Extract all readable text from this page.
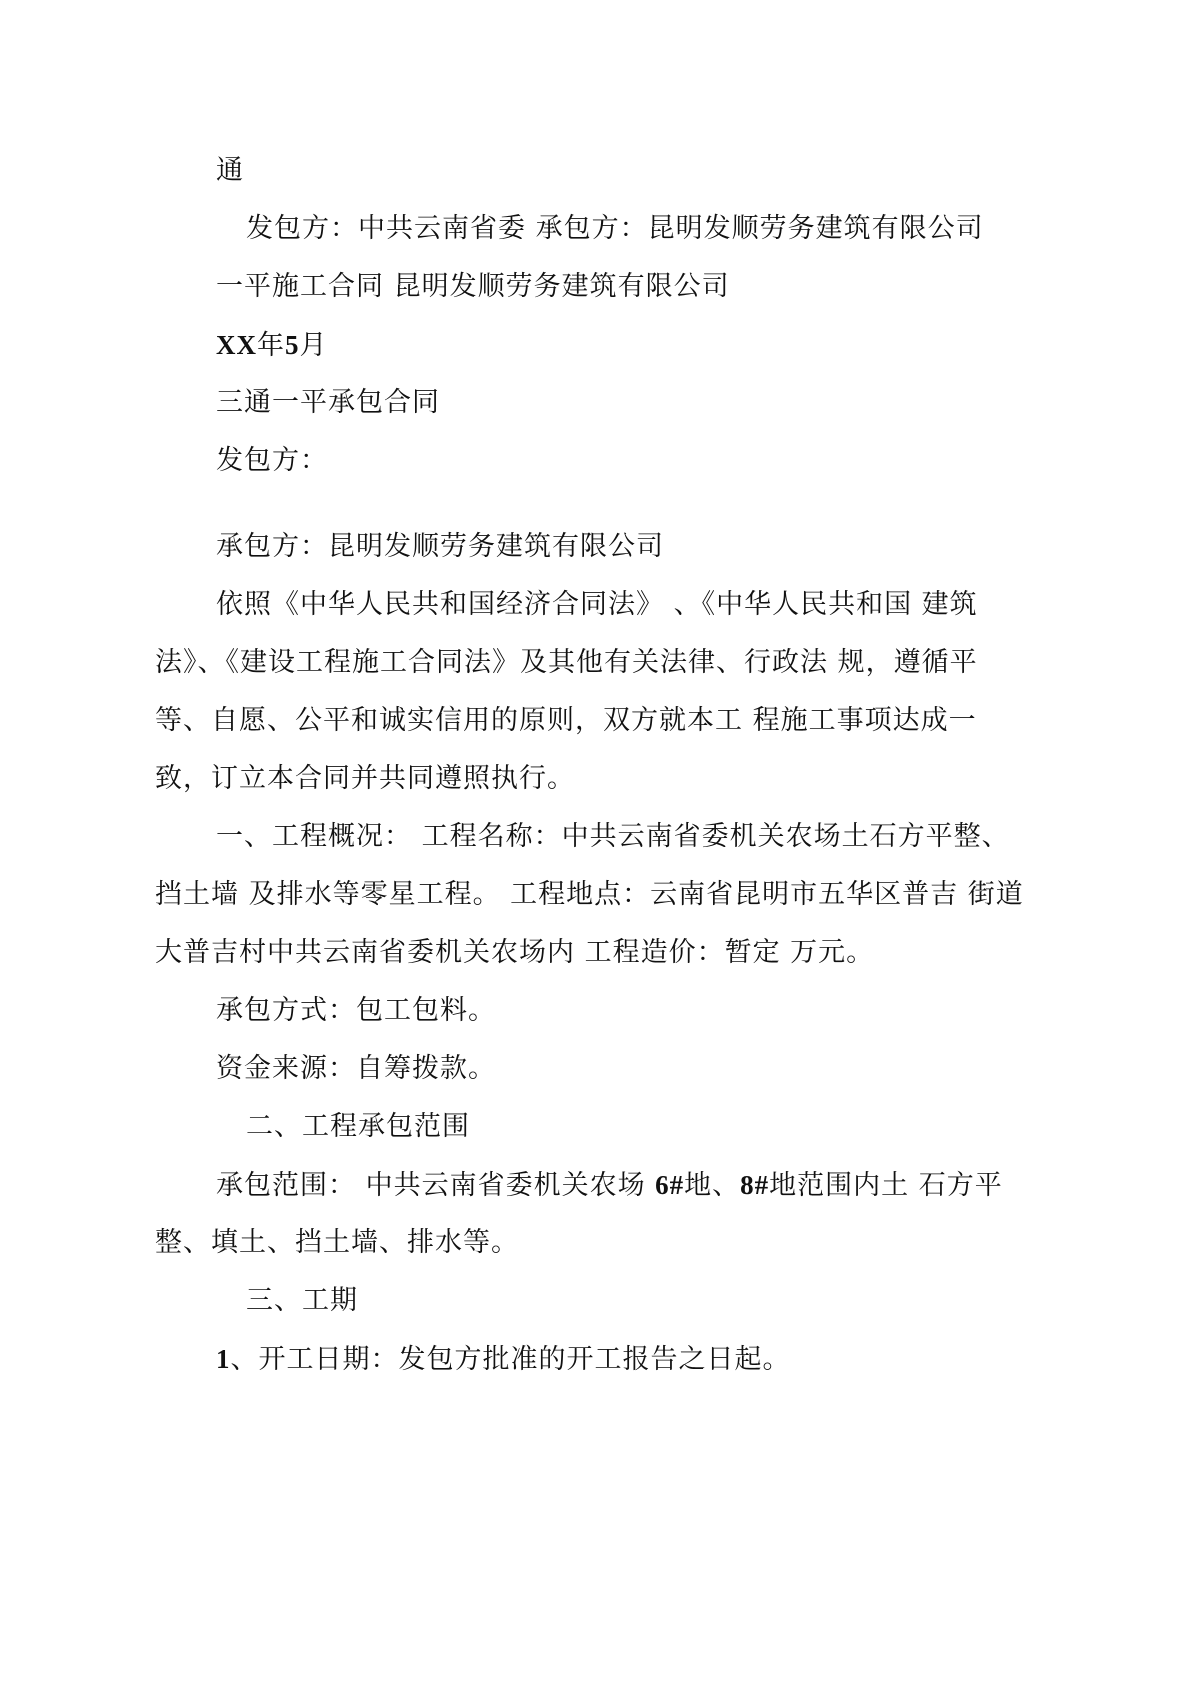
通
发包方：中共云南省委 承包方：昆明发顺劳务建筑有限公司
一平施工合同 昆明发顺劳务建筑有限公司
XX年5月
三通一平承包合同
发包方：
承包方：昆明发顺劳务建筑有限公司
依照《中华人民共和国经济合同法》 、《中华人民共和国 建筑
法》、《建设工程施工合同法》及其他有关法律、行政法 规，遵循平
等、自愿、公平和诚实信用的原则，双方就本工 程施工事项达成一
致，订立本合同并共同遵照执行。
一、工程概况： 工程名称：中共云南省委机关农场土石方平整、
挡土墙 及排水等零星工程。 工程地点：云南省昆明市五华区普吉 街道
大普吉村中共云南省委机关农场内 工程造价：暂定 万元。
承包方式：包工包料。
资金来源：自筹拨款。
二、工程承包范围
承包范围： 中共云南省委机关农场 6#地、8#地范围内土 石方平
整、填土、挡土墙、排水等。
三、工期
1、开工日期：发包方批准的开工报告之日起。
